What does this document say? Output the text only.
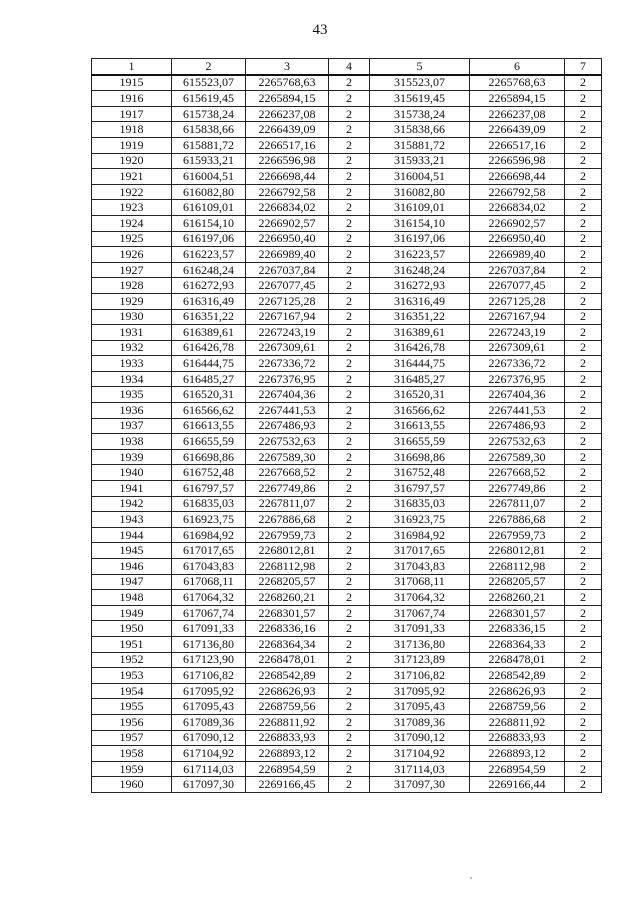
43
1	2	3	4	5	6	7
1915	615523,07	2265768,63	2	315523,07	2265768,63	2
1916	615619,45	2265894,15	2	315619,45	2265894,15	2
1917	615738,24	2266237,08	2	315738,24	2266237,08	2
1918	615838,66	2266439,09	2	315838,66	2266439,09	2
1919	615881,72	2266517,16	2	315881,72	2266517,16	2
1920	615933,21	2266596,98	2	315933,21	2266596,98	2
1921	616004,51	2266698,44	2	316004,51	2266698,44	2
1922	616082,80	2266792,58	2	316082,80	2266792,58	2
1923	616109,01	2266834,02	2	316109,01	2266834,02	2
1924	616154,10	2266902,57	2	316154,10	2266902,57	2
1925	616197,06	2266950,40	2	316197,06	2266950,40	2
1926	616223,57	2266989,40	2	316223,57	2266989,40	2
1927	616248,24	2267037,84	2	316248,24	2267037,84	2
1928	616272,93	2267077,45	2	316272,93	2267077,45	2
1929	616316,49	2267125,28	2	316316,49	2267125,28	2
1930	616351,22	2267167,94	2	316351,22	2267167,94	2
1931	616389,61	2267243,19	2	316389,61	2267243,19	2
1932	616426,78	2267309,61	2	316426,78	2267309,61	2
1933	616444,75	2267336,72	2	316444,75	2267336,72	2
1934	616485,27	2267376,95	2	316485,27	2267376,95	2
1935	616520,31	2267404,36	2	316520,31	2267404,36	2
1936	616566,62	2267441,53	2	316566,62	2267441,53	2
1937	616613,55	2267486,93	2	316613,55	2267486,93	2
1938	616655,59	2267532,63	2	316655,59	2267532,63	2
1939	616698,86	2267589,30	2	316698,86	2267589,30	2
1940	616752,48	2267668,52	2	316752,48	2267668,52	2
1941	616797,57	2267749,86	2	316797,57	2267749,86	2
1942	616835,03	2267811,07	2	316835,03	2267811,07	2
1943	616923,75	2267886,68	2	316923,75	2267886,68	2
1944	616984,92	2267959,73	2	316984,92	2267959,73	2
1945	617017,65	2268012,81	2	317017,65	2268012,81	2
1946	617043,83	2268112,98	2	317043,83	2268112,98	2
1947	617068,11	2268205,57	2	317068,11	2268205,57	2
1948	617064,32	2268260,21	2	317064,32	2268260,21	2
1949	617067,74	2268301,57	2	317067,74	2268301,57	2
1950	617091,33	2268336,16	2	317091,33	2268336,15	2
1951	617136,80	2268364,34	2	317136,80	2268364,33	2
1952	617123,90	2268478,01	2	317123,89	2268478,01	2
1953	617106,82	2268542,89	2	317106,82	2268542,89	2
1954	617095,92	2268626,93	2	317095,92	2268626,93	2
1955	617095,43	2268759,56	2	317095,43	2268759,56	2
1956	617089,36	2268811,92	2	317089,36	2268811,92	2
1957	617090,12	2268833,93	2	317090,12	2268833,93	2
1958	617104,92	2268893,12	2	317104,92	2268893,12	2
1959	617114,03	2268954,59	2	317114,03	2268954,59	2
1960	617097,30	2269166,45	2	317097,30	2269166,44	2
